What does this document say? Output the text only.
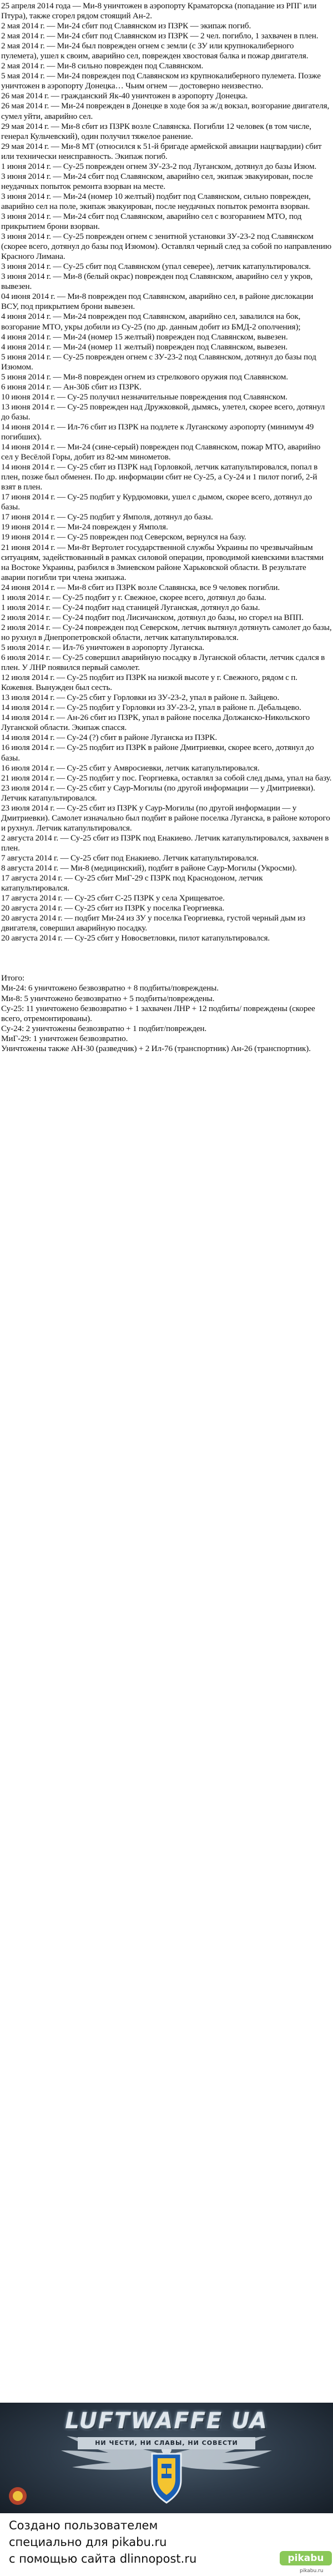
25 апреля 2014 года — Ми-8 уничтожен в аэропорту Краматорска (попадание из РПГ или Птура), также сгорел рядом стоящий Ан-2.

2 мая 2014 г. — Ми-24 сбит под Славянском из ПЗРК — экипаж погиб.

2 мая 2014 г. — Ми-24 сбит под Славянском из ПЗРК — 2 чел. погибло, 1 захвачен в плен.

2 мая 2014 г. — Ми-24 был поврежден огнем с земли (с ЗУ или крупнокалиберного пулемета), ушел к своим, аварийно сел, поврежден хвостовая балка и пожар двигателя.

2 мая 2014 г. — Ми-8 сильно поврежден под Славянском.

5 мая 2014 г. — Ми-24 поврежден под Славянском из крупнокалиберного пулемета. Позже уничтожен в аэропорту Донецка… Чьим огнем — достоверно неизвестно.

26 мая 2014 г. — гражданский Як-40 уничтожен в аэропорту Донецка.

26 мая 2014 г. — Ми-24 поврежден в Донецке в ходе боя за ж/д вокзал, возгорание двигателя, сумел уйти, аварийно сел.

29 мая 2014 г. — Ми-8 сбит из ПЗРК возле Славянска. Погибли 12 человек (в том числе, генерал Кульчевский), один получил тяжелое ранение.

29 мая 2014 г. — Ми-8 МТ (относился к 51-й бригаде армейской авиации нацгвардии) сбит или технически неисправность. Экипаж погиб.

1 июня 2014 г. — Су-25 поврежден огнем ЗУ-23-2 под Луганском, дотянул до базы Изюм.

3 июня 2014 г. — Ми-24 сбит под Славянском, аварийно сел, экипаж эвакуирован, после неудачных попыток ремонта взорван на месте.

3 июня 2014 г. — Ми-24 (номер 10 желтый) подбит под Славянском, сильно поврежден, аварийно сел на поле, экипаж эвакуирован, после неудачных попыток ремонта взорван.

3 июня 2014 г. — Ми-24 сбит под Славянском, аварийно сел с возгоранием МТО, под прикрытием брони взорван.

3 июня 2014 г. — Су-25 поврежден огнем с зенитной установки ЗУ-23-2 под Славянском (скорее всего, дотянул до базы под Изюмом). Оставлял черный след за собой по направлению Красного Лимана.

3 июня 2014 г. — Су-25 сбит под Славянском (упал северее), летчик катапультировался.

3 июня 2014 г. — Ми-8 (белый окрас) поврежден под Славянском, аварийно сел у укров, вывезен.

04 июня 2014 г. — Ми-8 поврежден под Славянском, аварийно сел, в районе дислокации ВСУ, под прикрытием брони вывезен.

4 июня 2014 г. — Ми-24 поврежден под Славянском, аварийно сел, завалился на бок, возгорание МТО, укры добили из Су-25 (по др. данным добит из БМД-2 ополчения);

4 июня 2014 г. — Ми-24 (номер 15 желтый) поврежден под Славянском, вывезен.

4 июня 2014 г. — Ми-24 (номер 11 желтый) поврежден под Славянском, вывезен.

5 июня 2014 г. — Су-25 поврежден огнем с ЗУ-23-2 под Славянском, дотянул до базы под Изюмом.

5 июня 2014 г. — Ми-8 поврежден огнем из стрелкового оружия под Славянском.

6 июня 2014 г. — Ан-30Б сбит из ПЗРК.

10 июня 2014 г. — Су-25 получил незначительные повреждения под Славянском.

13 июня 2014 г. — Су-25 поврежден над Дружковкой, дымясь, улетел, скорее всего, дотянул до базы.

14 июня 2014 г. — Ил-76 сбит из ПЗРК на подлете к Луганскому аэропорту (минимум 49 погибших).

14 июня 2014 г. — Ми-24 (сине-серый) поврежден под Славянском, пожар МТО, аварийно сел у Весёлой Горы, добит из 82-мм минометов.

14 июня 2014 г. — Су-25 сбит из ПЗРК над Горловкой, летчик катапультировался, попал в плен, позже был обменен. По др. информации сбит не Су-25, а Су-24 и 1 пилот погиб, 2-й взят в плен.

17 июня 2014 г. — Су-25 подбит у Курдюмовки, ушел с дымом, скорее всего, дотянул до базы.

17 июня 2014 г. — Су-25 подбит у Ямполя, дотянул до базы.

19 июня 2014 г. — Ми-24 поврежден у Ямполя.

19 июня 2014 г. — Су-25 поврежден под Северском, вернулся на базу.

21 июня 2014 г. — Ми-8т Вертолет государственной службы Украины по чрезвычайным ситуациям, задействованный в рамках силовой операции, проводимой киевскими властями на Востоке Украины, разбился в Змиевском районе Харьковской области. В результате аварии погибли три члена экипажа.

24 июня 2014 г. — Ми-8 сбит из ПЗРК возле Славянска, все 9 человек погибли.

1 июля 2014 г. — Су-25 подбит у г. Свежное, скорее всего, дотянул до базы.

1 июля 2014 г. — Су-24 подбит над станицей Луганская, дотянул до базы.

2 июля 2014 г. — Су-24 подбит под Лисичанском, дотянул до базы, но сгорел на ВПП.

2 июля 2014 г. — Су-24 поврежден под Северском, летчик вытянул дотянуть самолет до базы, но рухнул в Днепропетровской области, летчик катапультировался.

5 июля 2014 г. — Ил-76 уничтожен в аэропорту Луганска.

6 июля 2014 г. — Су-25 совершил аварийную посадку в Луганской области, летчик сдался в плен. У ЛНР появился первый самолет.

12 июля 2014 г. — Су-25 подбит из ПЗРК на низкой высоте у г. Свежного, рядом с п. Кожевня. Вынужден был сесть.

13 июля 2014 г. — Су-25 сбит у Горловки из ЗУ-23-2, упал в районе п. Зайцево.

14 июля 2014 г. — Су-25 подбит у Горловки из ЗУ-23-2, упал в районе п. Дебальцево.

14 июля 2014 г. — Ан-26 сбит из ПЗРК, упал в районе поселка Должанско-Никольского Луганской области. Экипаж спасся.

14 июля 2014 г. — Су-24 (?) сбит в районе Луганска из ПЗРК.

16 июля 2014 г. — Су-25 подбит из ПЗРК в районе Дмитриевки, скорее всего, дотянул до базы.

16 июля 2014 г. — Су-25 сбит у Амвросиевки, летчик катапультировался.

21 июля 2014 г. — Су-25 подбит у пос. Георгиевка, оставлял за собой след дыма, упал на базу.

23 июля 2014 г. — Су-25 сбит у Саур-Могилы (по другой информации — у Дмитриевки). Летчик катапультировался.

23 июля 2014 г. — Су-25 сбит из ПЗРК у Саур-Могилы (по другой информации — у Дмитриевки). Самолет изначально был подбит в районе поселка Луганска, в районе которого и рухнул. Летчик катапультировался.

2 августа 2014 г. — Су-25 сбит из ПЗРК под Енакиево. Летчик катапультировался, захвачен в плен.

7 августа 2014 г. — Су-25 сбит под Енакиево. Летчик катапультировался.

8 августа 2014 г. — Ми-8 (медицинский), подбит в районе Саур-Могилы (Укросми).

17 августа 2014 г. — Су-25 сбит МиГ-29 с ПЗРК под Краснодоном, летчик катапультировался.

17 августа 2014 г. — Су-25 сбит С-25 ПЗРК у села Хрищеватое.

20 августа 2014 г. — Су-25 сбит из ПЗРК у поселка Георгиевка.

20 августа 2014 г. — подбит Ми-24 из ЗУ у поселка Георгиевка, густой черный дым из двигателя, совершил аварийную посадку.

20 августа 2014 г. — Су-25 сбит у Новосветловки, пилот катапультировался.

Итого:

Ми-24: 6 уничтожено безвозвратно + 8 подбиты/повреждены.

Ми-8: 5 уничтожено безвозвратно + 5 подбиты/повреждены.

Су-25: 11 уничтожено безвозвратно + 1 захвачен ЛНР + 12 подбиты/ повреждены (скорее всего, отремонтированы).

Су-24: 2 уничтожены безвозвратно + 1 подбит/поврежден.

МиГ-29: 1 уничтожен безвозвратно.

Уничтожены также АН-30 (разведчик) + 2 Ил-76 (транспортник) Ан-26 (транспортник).

LUFTWAFFE UA
НИ ЧЕСТИ, НИ СЛАВЫ, НИ СОВЕСТИ
Создано пользователем
специально для pikabu.ru
с помощью сайта dlinnopost.ru	pikabu
pikabu.ru
